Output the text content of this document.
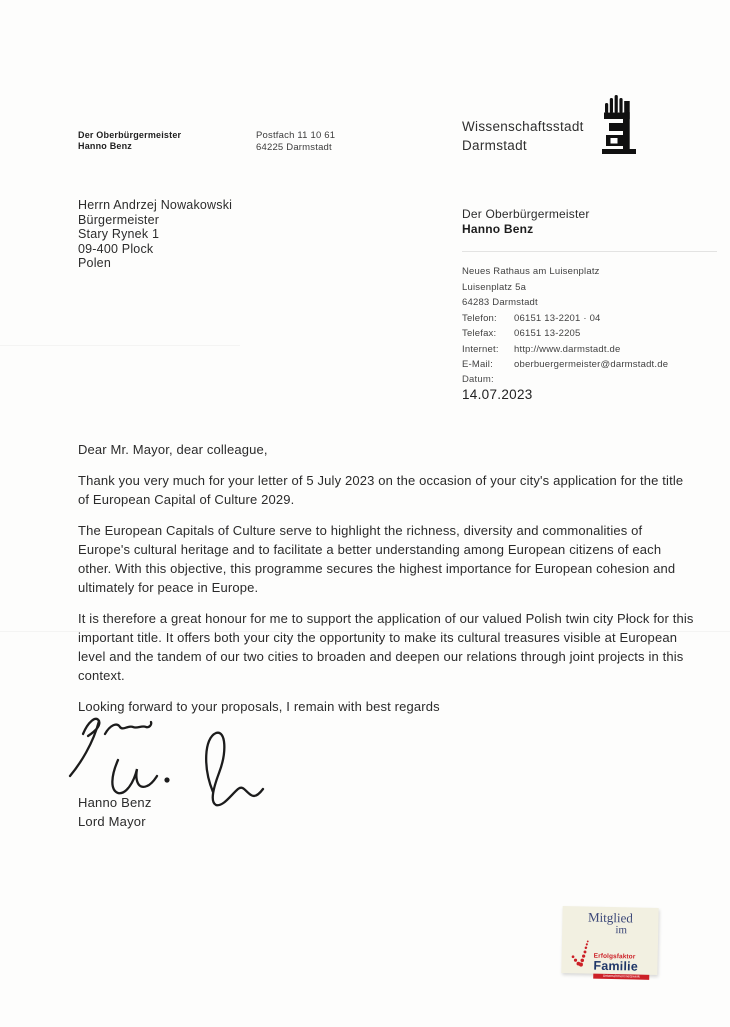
Der Oberbürgermeister
Hanno Benz
Postfach 11 10 61
64225 Darmstadt
Wissenschaftsstadt
Darmstadt
Herrn Andrzej Nowakowski
Bürgermeister
Stary Rynek 1
09-400 Plock
Polen
Der Oberbürgermeister
Hanno Benz
Neues Rathaus am Luisenplatz
Luisenplatz 5a
64283 Darmstadt
Telefon:	06151 13-2201 · 04
Telefax:	06151 13-2205
Internet:	http://www.darmstadt.de
E-Mail:	oberbuergermeister@darmstadt.de
Datum:
14.07.2023

Dear Mr. Mayor, dear colleague,

Thank you very much for your letter of 5 July 2023 on the occasion of your city's application for the title of European Capital of Culture 2029.

The European Capitals of Culture serve to highlight the richness, diversity and commonalities of Europe's cultural heritage and to facilitate a better understanding among European citizens of each other. With this objective, this programme secures the highest importance for European cohesion and ultimately for peace in Europe.

It is therefore a great honour for me to support the application of our valued Polish twin city Płock for this important title. It offers both your city the opportunity to make its cultural treasures visible at European level and the tandem of our two cities to broaden and deepen our relations through joint projects in this context.

Looking forward to your proposals, I remain with best regards

Hanno Benz
Lord Mayor
Mitglied
im
Erfolgsfaktor
Familie
Unternehmensnetzwerk
